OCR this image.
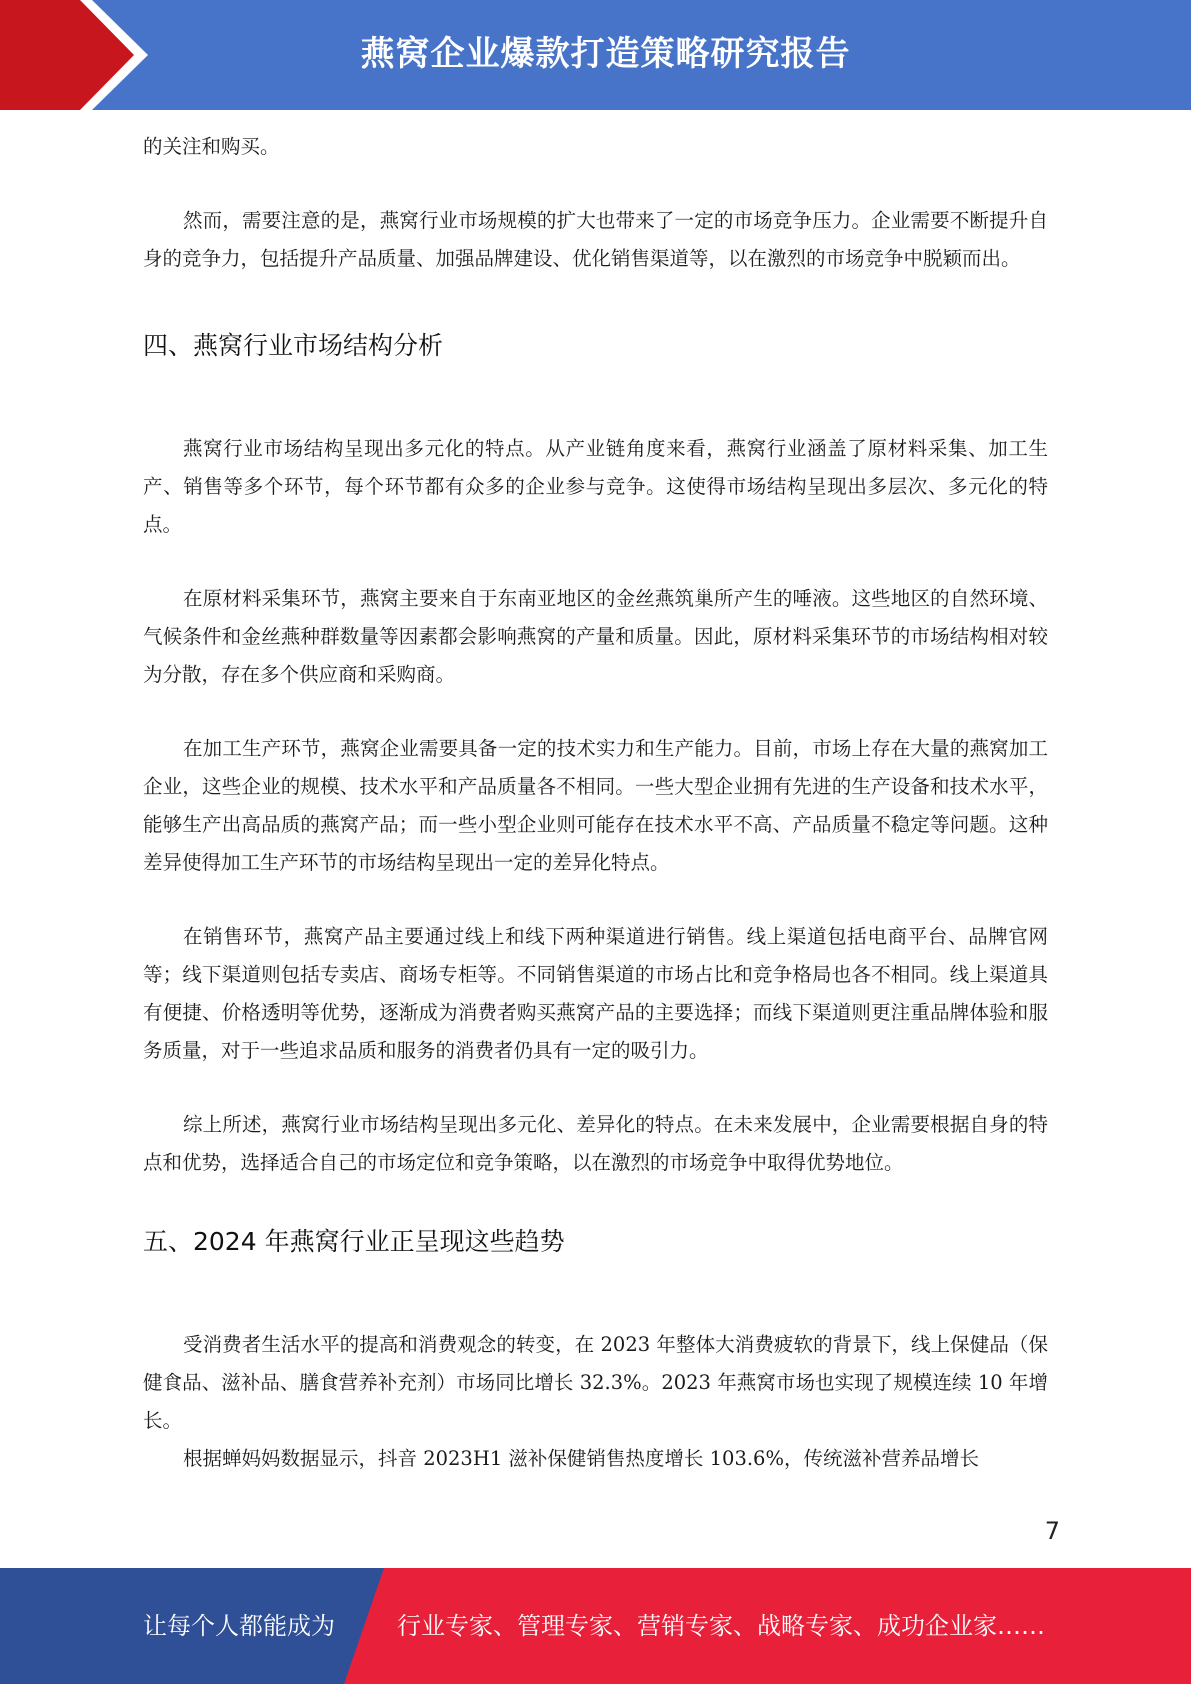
燕窝企业爆款打造策略研究报告

的关注和购买。

然而，需要注意的是，燕窝行业市场规模的扩大也带来了一定的市场竞争压力。企业需要不断提升自身的竞争力，包括提升产品质量、加强品牌建设、优化销售渠道等，以在激烈的市场竞争中脱颖而出。

四、燕窝行业市场结构分析

燕窝行业市场结构呈现出多元化的特点。从产业链角度来看，燕窝行业涵盖了原材料采集、加工生产、销售等多个环节，每个环节都有众多的企业参与竞争。这使得市场结构呈现出多层次、多元化的特点。

在原材料采集环节，燕窝主要来自于东南亚地区的金丝燕筑巢所产生的唾液。这些地区的自然环境、气候条件和金丝燕种群数量等因素都会影响燕窝的产量和质量。因此，原材料采集环节的市场结构相对较为分散，存在多个供应商和采购商。

在加工生产环节，燕窝企业需要具备一定的技术实力和生产能力。目前，市场上存在大量的燕窝加工企业，这些企业的规模、技术水平和产品质量各不相同。一些大型企业拥有先进的生产设备和技术水平，能够生产出高品质的燕窝产品；而一些小型企业则可能存在技术水平不高、产品质量不稳定等问题。这种差异使得加工生产环节的市场结构呈现出一定的差异化特点。

在销售环节，燕窝产品主要通过线上和线下两种渠道进行销售。线上渠道包括电商平台、品牌官网等；线下渠道则包括专卖店、商场专柜等。不同销售渠道的市场占比和竞争格局也各不相同。线上渠道具有便捷、价格透明等优势，逐渐成为消费者购买燕窝产品的主要选择；而线下渠道则更注重品牌体验和服务质量，对于一些追求品质和服务的消费者仍具有一定的吸引力。

综上所述，燕窝行业市场结构呈现出多元化、差异化的特点。在未来发展中，企业需要根据自身的特点和优势，选择适合自己的市场定位和竞争策略，以在激烈的市场竞争中取得优势地位。

五、2024 年燕窝行业正呈现这些趋势

受消费者生活水平的提高和消费观念的转变，在 2023 年整体大消费疲软的背景下，线上保健品（保健食品、滋补品、膳食营养补充剂）市场同比增长 32.3%。2023 年燕窝市场也实现了规模连续 10 年增长。

根据蝉妈妈数据显示，抖音 2023H1 滋补保健销售热度增长 103.6%，传统滋补营养品增长

7
让每个人都能成为	行业专家、管理专家、营销专家、战略专家、成功企业家……
